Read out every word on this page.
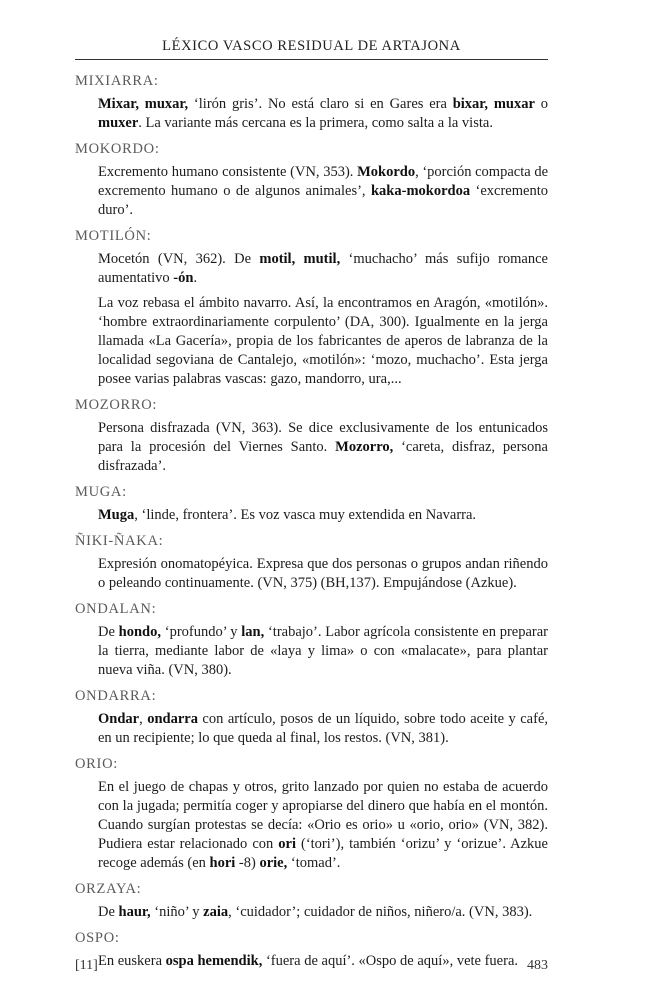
LÉXICO VASCO RESIDUAL DE ARTAJONA
MIXIARRA:

Mixar, muxar, ‘lirón gris’. No está claro si en Gares era bixar, muxar o muxer. La variante más cercana es la primera, como salta a la vista.

MOKORDO:

Excremento humano consistente (VN, 353). Mokordo, ‘porción compacta de excremento humano o de algunos animales’, kaka-mokordoa ‘excremento duro’.

MOTILÓN:

Mocetón (VN, 362). De motil, mutil, ‘muchacho’ más sufijo romance aumentativo -ón.

La voz rebasa el ámbito navarro. Así, la encontramos en Aragón, «motilón». ‘hombre extraordinariamente corpulento’ (DA, 300). Igualmente en la jerga llamada «La Gacería», propia de los fabricantes de aperos de labranza de la localidad segoviana de Cantalejo, «motilón»: ‘mozo, muchacho’. Esta jerga posee varias palabras vascas: gazo, mandorro, ura,...

MOZORRO:

Persona disfrazada (VN, 363). Se dice exclusivamente de los entunicados para la procesión del Viernes Santo. Mozorro, ‘careta, disfraz, persona disfrazada’.

MUGA:

Muga, ‘linde, frontera’. Es voz vasca muy extendida en Navarra.

ÑIKI-ÑAKA:

Expresión onomatopéyica. Expresa que dos personas o grupos andan riñendo o peleando continuamente. (VN, 375) (BH,137). Empujándose (Azkue).

ONDALAN:

De hondo, ‘profundo’ y lan, ‘trabajo’. Labor agrícola consistente en preparar la tierra, mediante labor de «laya y lima» o con «malacate», para plantar nueva viña. (VN, 380).

ONDARRA:

Ondar, ondarra con artículo, posos de un líquido, sobre todo aceite y café, en un recipiente; lo que queda al final, los restos. (VN, 381).

ORIO:

En el juego de chapas y otros, grito lanzado por quien no estaba de acuerdo con la jugada; permitía coger y apropiarse del dinero que había en el montón. Cuando surgían protestas se decía: «Orio es orio» u «orio, orio» (VN, 382). Pudiera estar relacionado con ori (‘tori’), también ‘orizu’ y ‘orizue’. Azkue recoge además (en hori -8) orie, ‘tomad’.

ORZAYA:

De haur, ‘niño’ y zaia, ‘cuidador’; cuidador de niños, niñero/a. (VN, 383).

OSPO:

En euskera ospa hemendik, ‘fuera de aquí’. «Ospo de aquí», vete fuera.

[11]	483
